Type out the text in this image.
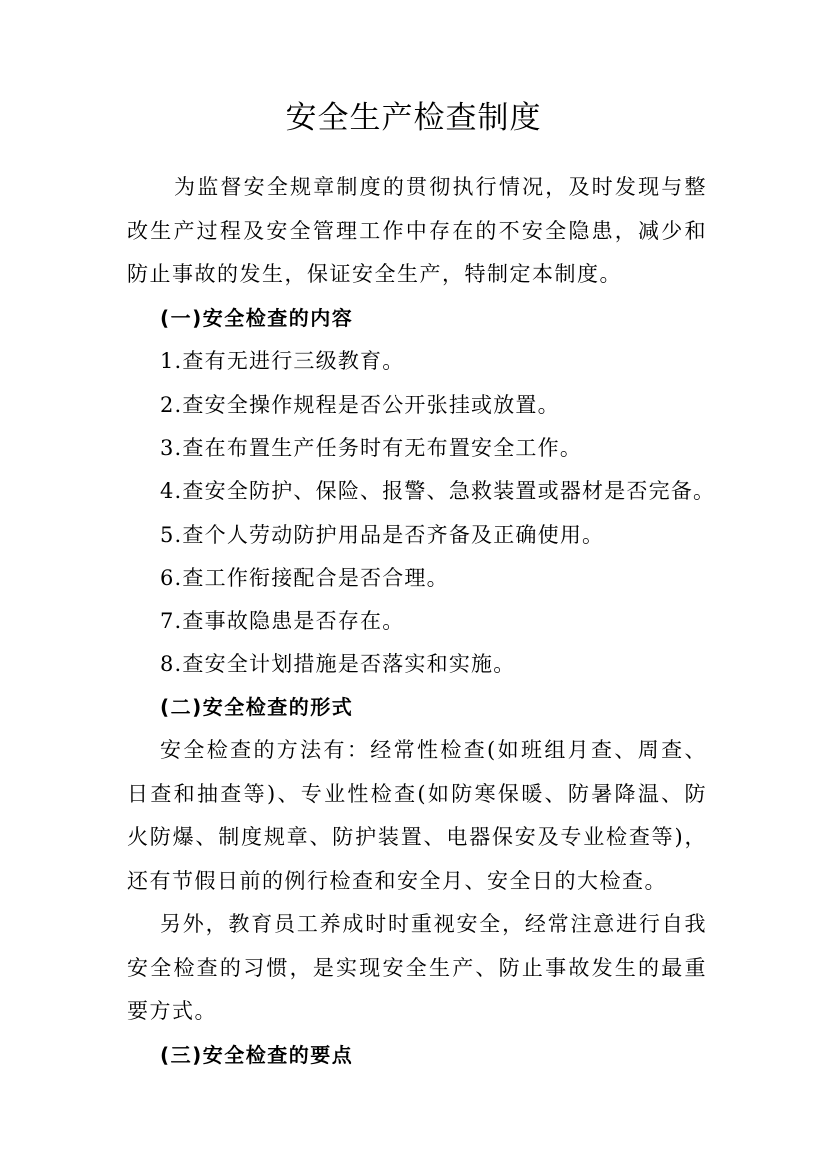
安全生产检查制度
为监督安全规章制度的贯彻执行情况，及时发现与整改生产过程及安全管理工作中存在的不安全隐患，减少和防止事故的发生，保证安全生产，特制定本制度。
(一)安全检查的内容
1.查有无进行三级教育。
2.查安全操作规程是否公开张挂或放置。
3.查在布置生产任务时有无布置安全工作。
4.查安全防护、保险、报警、急救装置或器材是否完备。
5.查个人劳动防护用品是否齐备及正确使用。
6.查工作衔接配合是否合理。
7.查事故隐患是否存在。
8.查安全计划措施是否落实和实施。
(二)安全检查的形式
安全检查的方法有：经常性检查(如班组月查、周查、日查和抽查等)、专业性检查(如防寒保暖、防暑降温、防火防爆、制度规章、防护装置、电器保安及专业检查等)，还有节假日前的例行检查和安全月、安全日的大检查。
另外，教育员工养成时时重视安全，经常注意进行自我安全检查的习惯，是实现安全生产、防止事故发生的最重要方式。
(三)安全检查的要点
